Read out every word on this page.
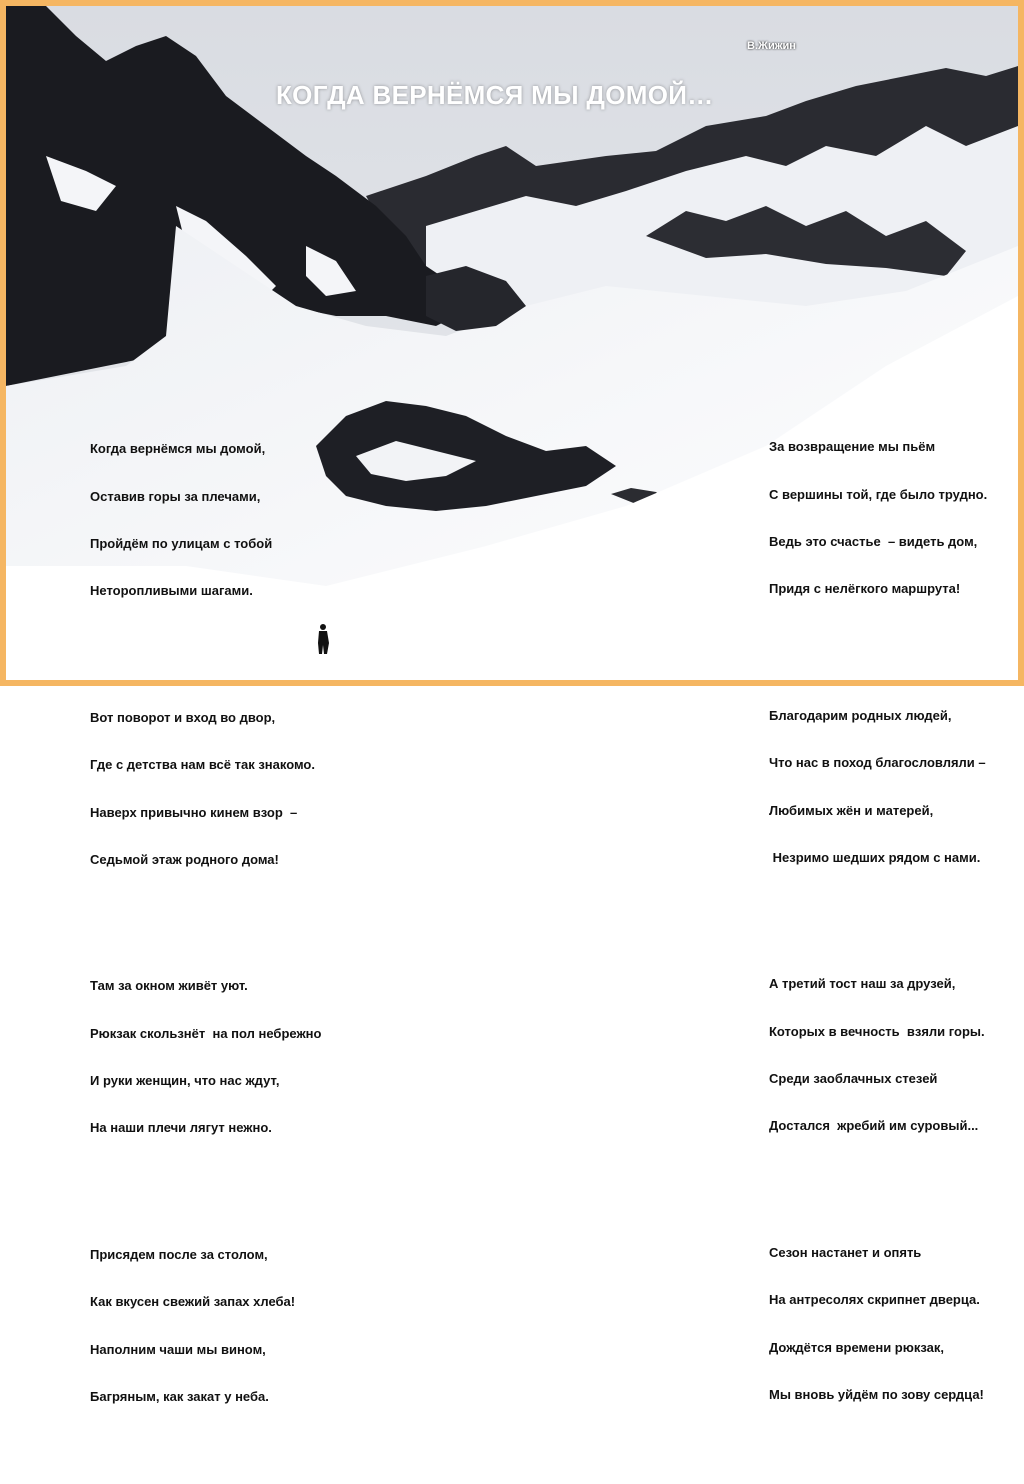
В.Жижин
КОГДА ВЕРНЁМСЯ МЫ ДОМОЙ…

Когда вернёмся мы домой,

Оставив горы за плечами,

Пройдём по улицам с тобой

Неторопливыми шагами.

Вот поворот и вход во двор,

Где с детства нам всё так знакомо.

Наверх привычно кинем взор  –

Седьмой этаж родного дома!

Там за окном живёт уют.

Рюкзак скользнёт  на пол небрежно

И руки женщин, что нас ждут,

На наши плечи лягут нежно.

Присядем после за столом,

Как вкусен свежий запах хлеба!

Наполним чаши мы вином,

Багряным, как закат у неба.

За возвращение мы пьём

С вершины той, где было трудно.

Ведь это счастье  – видеть дом,

Придя с нелёгкого маршрута!

Благодарим родных людей,

Что нас в поход благословляли –

Любимых жён и матерей,

Незримо шедших рядом с нами.

А третий тост наш за друзей,

Которых в вечность  взяли горы.

Среди заоблачных стезей

Достался  жребий им суровый...

Сезон настанет и опять

На антресолях скрипнет дверца.

Дождётся времени рюкзак,

Мы вновь уйдём по зову сердца!
